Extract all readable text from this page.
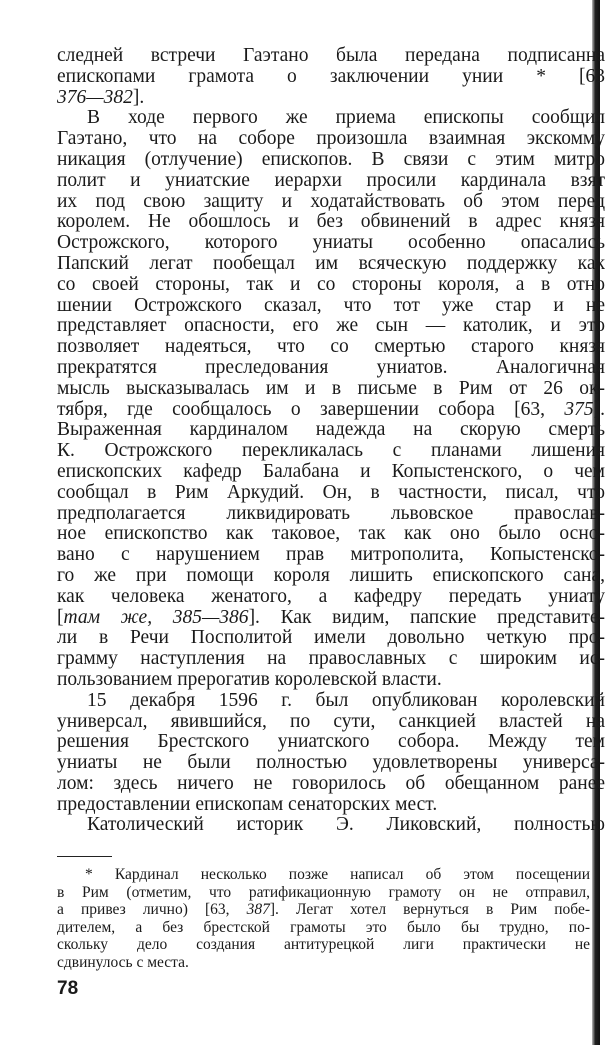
следней встречи Гаэтано была передана подписанна
епископами грамота о заключении унии * [63
376—382].
В ходе первого же приема епископы сообщил
Гаэтано, что на соборе произошла взаимная экскомму
никация (отлучение) епископов. В связи с этим митро
полит и униатские иерархи просили кардинала взят
их под свою защиту и ходатайствовать об этом перед
королем. Не обошлось и без обвинений в адрес князя
Острожского, которого униаты особенно опасались
Папский легат пообещал им всяческую поддержку как
со своей стороны, так и со стороны короля, а в отно
шении Острожского сказал, что тот уже стар и не
представляет опасности, его же сын — католик, и это
позволяет надеяться, что со смертью старого князя
прекратятся преследования униатов. Аналогичная
мысль высказывалась им и в письме в Рим от 26 ок-
тября, где сообщалось о завершении собора [63, 375].
Выраженная кардиналом надежда на скорую смерть
К. Острожского перекликалась с планами лишения
епископских кафедр Балабана и Копыстенского, о чем
сообщал в Рим Аркудий. Он, в частности, писал, что
предполагается ликвидировать львовское православ-
ное епископство как таковое, так как оно было осно-
вано с нарушением прав митрополита, Копыстенско-
го же при помощи короля лишить епископского сана,
как человека женатого, а кафедру передать униату
[там же, 385—386]. Как видим, папские представите-
ли в Речи Посполитой имели довольно четкую про-
грамму наступления на православных с широким ис-
пользованием прерогатив королевской власти.
15 декабря 1596 г. был опубликован королевский
универсал, явившийся, по сути, санкцией властей на
решения Брестского униатского собора. Между тем
униаты не были полностью удовлетворены универса-
лом: здесь ничего не говорилось об обещанном ранее
предоставлении епископам сенаторских мест.
Католический историк Э. Ликовский, полностью
* Кардинал несколько позже написал об этом посещении
в Рим (отметим, что ратификационную грамоту он не отправил,
а привез лично) [63, 387]. Легат хотел вернуться в Рим побе-
дителем, а без брестской грамоты это было бы трудно, по-
скольку дело создания антитурецкой лиги практически не
сдвинулось с места.
78
